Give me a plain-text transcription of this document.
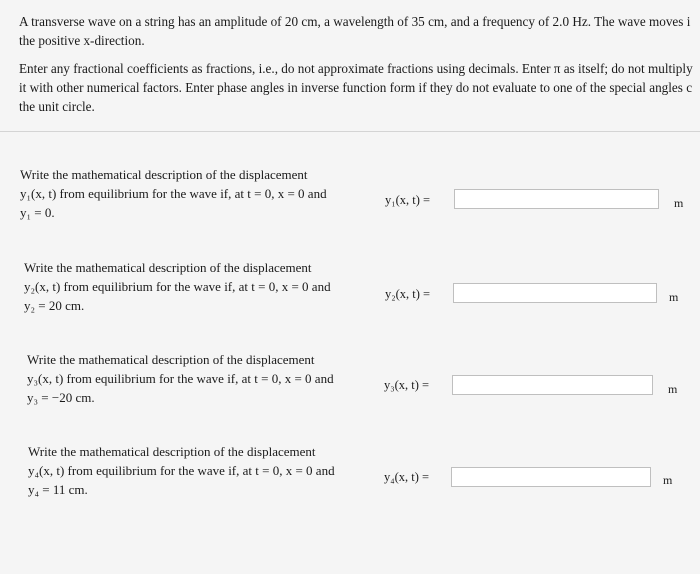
A transverse wave on a string has an amplitude of 20 cm, a wavelength of 35 cm, and a frequency of 2.0 Hz. The wave moves i
the positive x-direction.

Enter any fractional coefficients as fractions, i.e., do not approximate fractions using decimals. Enter π as itself; do not multiply
it with other numerical factors. Enter phase angles in inverse function form if they do not evaluate to one of the special angles c
the unit circle.

Write the mathematical description of the displacement
y₁(x, t) from equilibrium for the wave if, at t = 0, x = 0 and
y₁ = 0.
y₁(x, t) =	m
Write the mathematical description of the displacement
y₂(x, t) from equilibrium for the wave if, at t = 0, x = 0 and
y₂ = 20 cm.
y₂(x, t) =	m
Write the mathematical description of the displacement
y₃(x, t) from equilibrium for the wave if, at t = 0, x = 0 and
y₃ = −20 cm.
y₃(x, t) =	m
Write the mathematical description of the displacement
y₄(x, t) from equilibrium for the wave if, at t = 0, x = 0 and
y₄ = 11 cm.
y₄(x, t) =	m
